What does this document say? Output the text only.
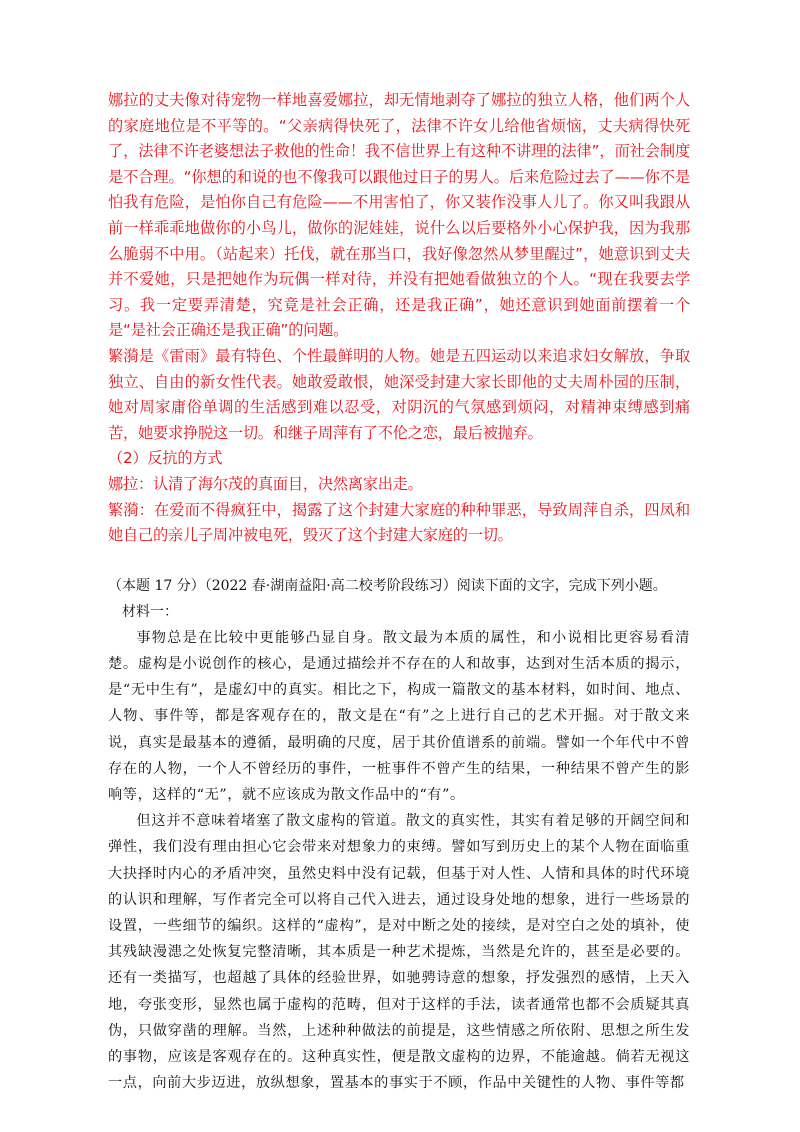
娜拉的丈夫像对待宠物一样地喜爱娜拉，却无情地剥夺了娜拉的独立人格，他们两个人的家庭地位是不平等的。“父亲病得快死了，法律不许女儿给他省烦恼，丈夫病得快死了，法律不许老婆想法子救他的性命！我不信世界上有这种不讲理的法律”，而社会制度是不合理。“你想的和说的也不像我可以跟他过日子的男人。后来危险过去了——你不是怕我有危险，是怕你自己有危险——不用害怕了，你又装作没事人儿了。你又叫我跟从前一样乖乖地做你的小鸟儿，做你的泥娃娃，说什么以后要格外小心保护我，因为我那么脆弱不中用。（站起来）托伐，就在那当口，我好像忽然从梦里醒过”，她意识到丈夫并不爱她，只是把她作为玩偶一样对待，并没有把她看做独立的个人。“现在我要去学习。我一定要弄清楚，究竟是社会正确，还是我正确”，她还意识到她面前摆着一个是“是社会正确还是我正确”的问题。

繁漪是《雷雨》最有特色、个性最鲜明的人物。她是五四运动以来追求妇女解放，争取独立、自由的新女性代表。她敢爱敢恨，她深受封建大家长即他的丈夫周朴园的压制，她对周家庸俗单调的生活感到难以忍受，对阴沉的气氛感到烦闷，对精神束缚感到痛苦，她要求挣脱这一切。和继子周萍有了不伦之恋，最后被抛弃。

（2）反抗的方式

娜拉：认清了海尔茂的真面目，决然离家出走。

繁漪：在爱而不得疯狂中，揭露了这个封建大家庭的种种罪恶，导致周萍自杀，四凤和她自己的亲儿子周冲被电死，毁灭了这个封建大家庭的一切。

（本题 17 分）（2022 春·湖南益阳·高二校考阶段练习）阅读下面的文字，完成下列小题。

材料一：

事物总是在比较中更能够凸显自身。散文最为本质的属性，和小说相比更容易看清楚。虚构是小说创作的核心，是通过描绘并不存在的人和故事，达到对生活本质的揭示，是“无中生有”，是虚幻中的真实。相比之下，构成一篇散文的基本材料，如时间、地点、人物、事件等，都是客观存在的，散文是在“有”之上进行自己的艺术开掘。对于散文来说，真实是最基本的遵循，最明确的尺度，居于其价值谱系的前端。譬如一个年代中不曾存在的人物，一个人不曾经历的事件，一桩事件不曾产生的结果，一种结果不曾产生的影响等，这样的“无”，就不应该成为散文作品中的“有”。

但这并不意味着堵塞了散文虚构的管道。散文的真实性，其实有着足够的开阔空间和弹性，我们没有理由担心它会带来对想象力的束缚。譬如写到历史上的某个人物在面临重大抉择时内心的矛盾冲突，虽然史料中没有记载，但基于对人性、人情和具体的时代环境的认识和理解，写作者完全可以将自己代入进去，通过设身处地的想象，进行一些场景的设置，一些细节的编织。这样的“虚构”，是对中断之处的接续，是对空白之处的填补，使其残缺漫漶之处恢复完整清晰，其本质是一种艺术提炼，当然是允许的，甚至是必要的。还有一类描写，也超越了具体的经验世界，如驰骋诗意的想象，抒发强烈的感情，上天入地，夸张变形，显然也属于虚构的范畴，但对于这样的手法，读者通常也都不会质疑其真伪，只做穿凿的理解。当然，上述种种做法的前提是，这些情感之所依附、思想之所生发的事物，应该是客观存在的。这种真实性，便是散文虚构的边界，不能逾越。倘若无视这一点，向前大步迈进，放纵想象，置基本的事实于不顾，作品中关键性的人物、事件等都
